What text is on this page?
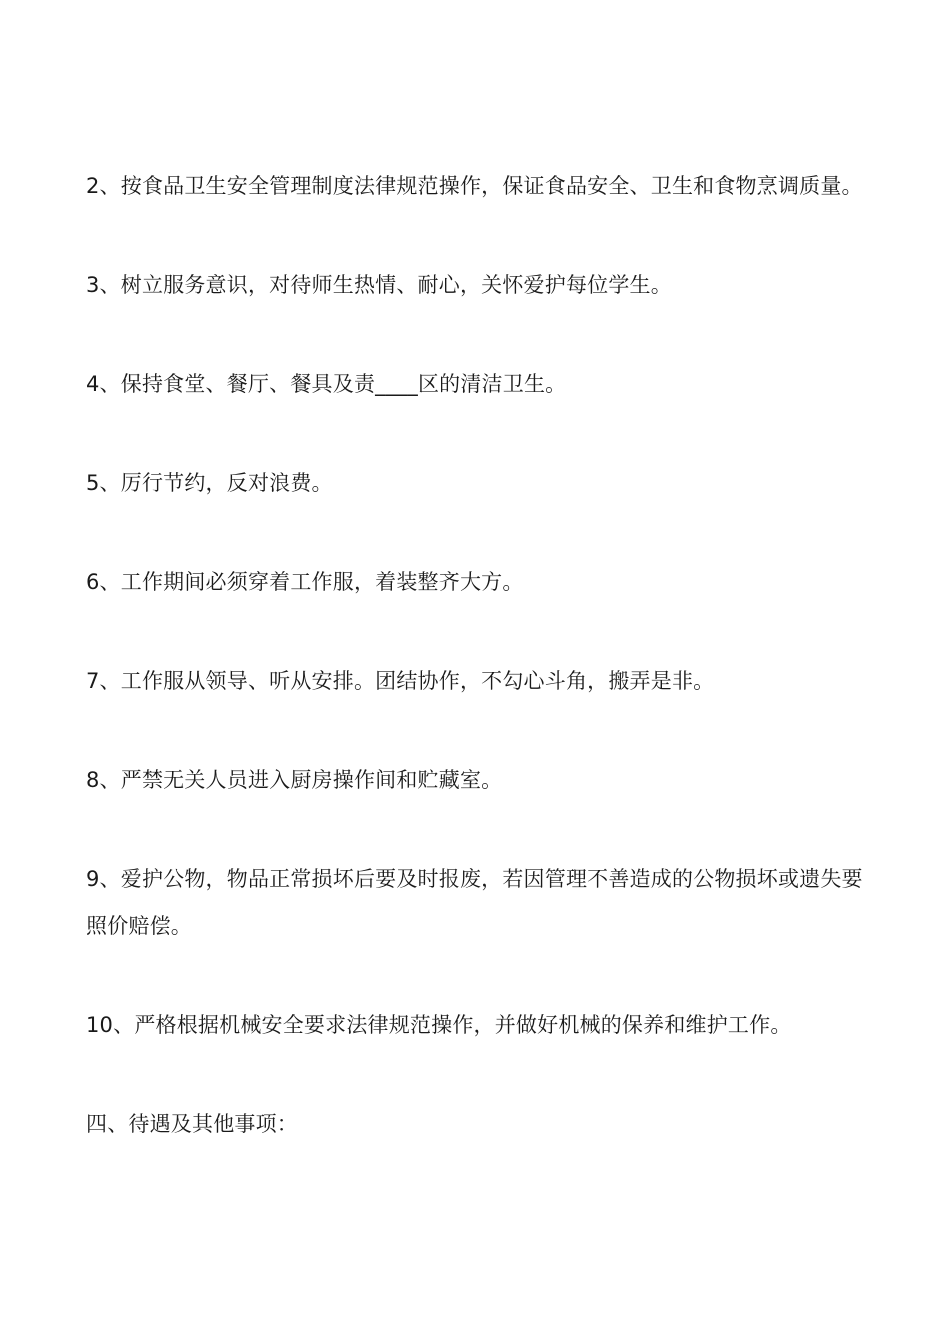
2、按食品卫生安全管理制度法律规范操作，保证食品安全、卫生和食物烹调质量。

3、树立服务意识，对待师生热情、耐心，关怀爱护每位学生。

4、保持食堂、餐厅、餐具及责____区的清洁卫生。

5、厉行节约，反对浪费。

6、工作期间必须穿着工作服，着装整齐大方。

7、工作服从领导、听从安排。团结协作，不勾心斗角，搬弄是非。

8、严禁无关人员进入厨房操作间和贮藏室。

9、爱护公物，物品正常损坏后要及时报废，若因管理不善造成的公物损坏或遗失要照价赔偿。

10、严格根据机械安全要求法律规范操作，并做好机械的保养和维护工作。

四、待遇及其他事项：
